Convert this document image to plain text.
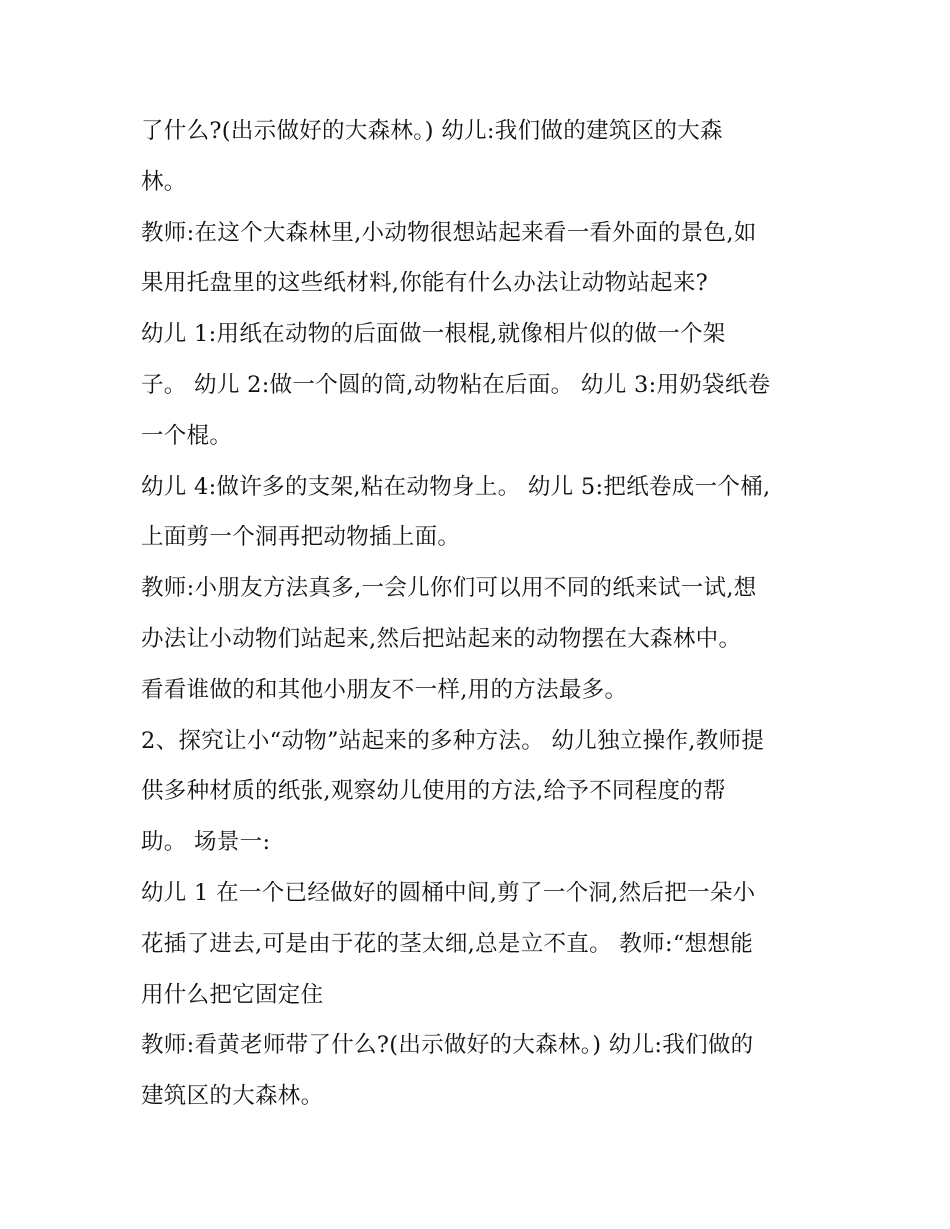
了什么?(出示做好的大森林。) 幼儿:我们做的建筑区的大森
林。
教师:在这个大森林里,小动物很想站起来看一看外面的景色,如
果用托盘里的这些纸材料,你能有什么办法让动物站起来?
幼儿 1:用纸在动物的后面做一根棍,就像相片似的做一个架
子。 幼儿 2:做一个圆的筒,动物粘在后面。 幼儿 3:用奶袋纸卷
一个棍。
幼儿 4:做许多的支架,粘在动物身上。 幼儿 5:把纸卷成一个桶,
上面剪一个洞再把动物插上面。
教师:小朋友方法真多,一会儿你们可以用不同的纸来试一试,想
办法让小动物们站起来,然后把站起来的动物摆在大森林中。
看看谁做的和其他小朋友不一样,用的方法最多。
2、探究让小“动物”站起来的多种方法。 幼儿独立操作,教师提
供多种材质的纸张,观察幼儿使用的方法,给予不同程度的帮
助。 场景一:
幼儿 1 在一个已经做好的圆桶中间,剪了一个洞,然后把一朵小
花插了进去,可是由于花的茎太细,总是立不直。 教师:“想想能
用什么把它固定住
教师:看黄老师带了什么?(出示做好的大森林。) 幼儿:我们做的
建筑区的大森林。
